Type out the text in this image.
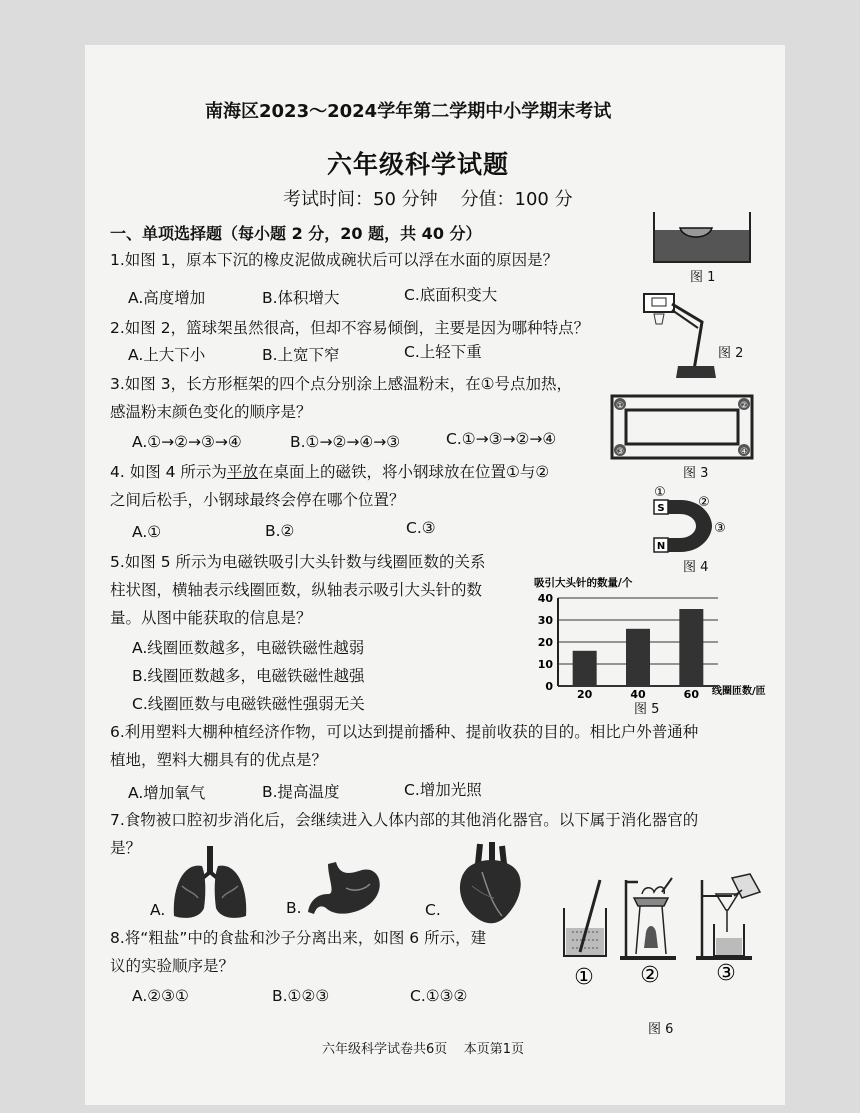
南海区2023～2024学年第二学期中小学期末考试
六年级科学试题
考试时间：50 分钟    分值：100 分
一、单项选择题（每小题 2 分，20 题，共 40 分）
1.如图 1，原本下沉的橡皮泥做成碗状后可以浮在水面的原因是？
A.高度增加	B.体积增大	C.底面积变大
2.如图 2，篮球架虽然很高，但却不容易倾倒，主要是因为哪种特点？
A.上大下小	B.上宽下窄	C.上轻下重
3.如图 3，长方形框架的四个点分别涂上感温粉末，在①号点加热，
感温粉末颜色变化的顺序是？
A.①→②→③→④	B.①→②→④→③	C.①→③→②→④
4. 如图 4 所示为平放在桌面上的磁铁，将小钢球放在位置①与②
之间后松手，小钢球最终会停在哪个位置？
A.①	B.②	C.③
5.如图 5 所示为电磁铁吸引大头针数与线圈匝数的关系
柱状图，横轴表示线圈匝数，纵轴表示吸引大头针的数
量。从图中能获取的信息是？
A.线圈匝数越多，电磁铁磁性越弱
B.线圈匝数越多，电磁铁磁性越强
C.线圈匝数与电磁铁磁性强弱无关
6.利用塑料大棚种植经济作物，可以达到提前播种、提前收获的目的。相比户外普通种
植地，塑料大棚具有的优点是？
A.增加氧气	B.提高温度	C.增加光照
7.食物被口腔初步消化后，会继续进入人体内部的其他消化器官。以下属于消化器官的
是？
A.	B.	C.
8.将“粗盐”中的食盐和沙子分离出来，如图 6 所示，建
议的实验顺序是？
A.②③①	B.①②③	C.①③②
图 1
图 2
①	②
③	④
图 3
S
N
①
②
③
图 4
吸引大头针的数量/个
线圈匝数/匝
0
10
20
30
40
20	40	60
图 5
① ②	③
图 6
六年级科学试卷共6页    本页第1页
